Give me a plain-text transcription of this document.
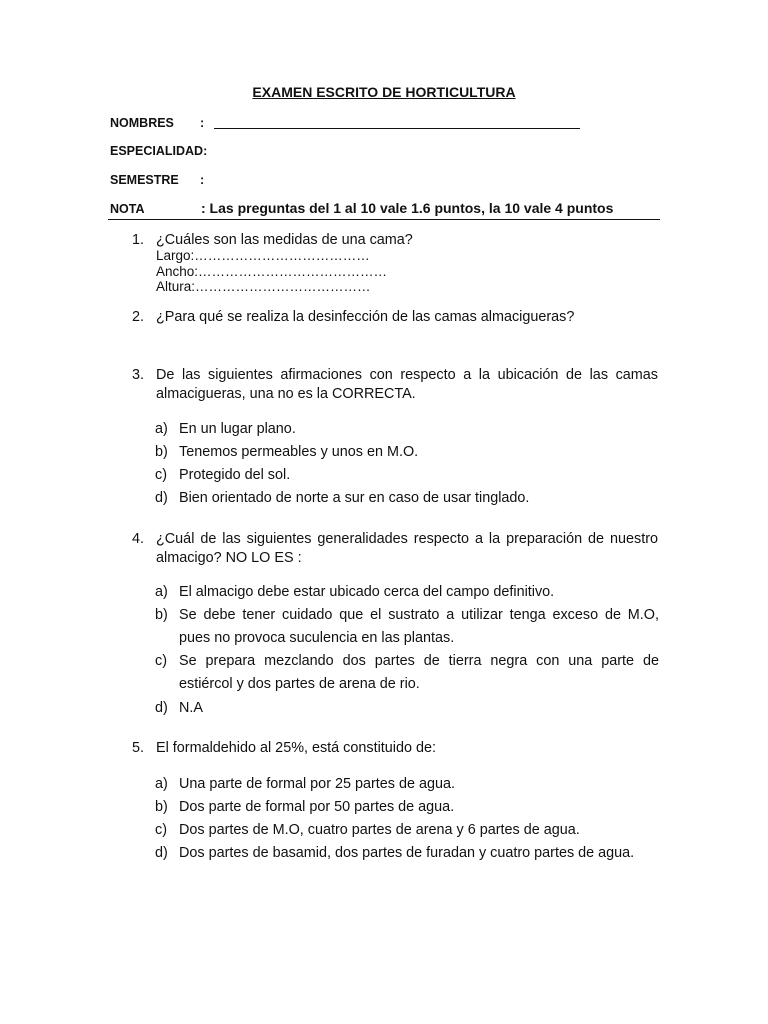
EXAMEN ESCRITO DE HORTICULTURA
NOMBRES :
ESPECIALIDAD:
SEMESTRE :
NOTA	: Las preguntas del 1 al 10 vale 1.6 puntos, la 10 vale 4 puntos
1. ¿Cuáles son las medidas de una cama?
Largo:…………………………………
Ancho:……………………………………
Altura:…………………………………
2. ¿Para qué se realiza la desinfección de las camas almacigueras?
3. De las siguientes afirmaciones con respecto a la ubicación de las camas almacigueras, una no es la CORRECTA.
a) En un lugar plano.
b) Tenemos permeables y unos en M.O.
c) Protegido del sol.
d) Bien orientado de norte a sur en caso de usar tinglado.
4. ¿Cuál de las siguientes generalidades respecto a la preparación de nuestro almacigo? NO LO ES :
a) El almacigo debe estar ubicado cerca del campo definitivo.
b) Se debe tener cuidado que el sustrato a utilizar tenga exceso de M.O, pues no provoca suculencia en las plantas.
c) Se prepara mezclando dos partes de tierra negra con una parte de estiércol y dos partes de arena de rio.
d) N.A
5. El formaldehido al 25%, está constituido de:
a) Una parte de formal por 25 partes de agua.
b) Dos parte de formal por 50 partes de agua.
c) Dos partes de M.O, cuatro partes de arena y 6 partes de agua.
d) Dos partes de basamid, dos partes de furadan y cuatro partes de agua.
